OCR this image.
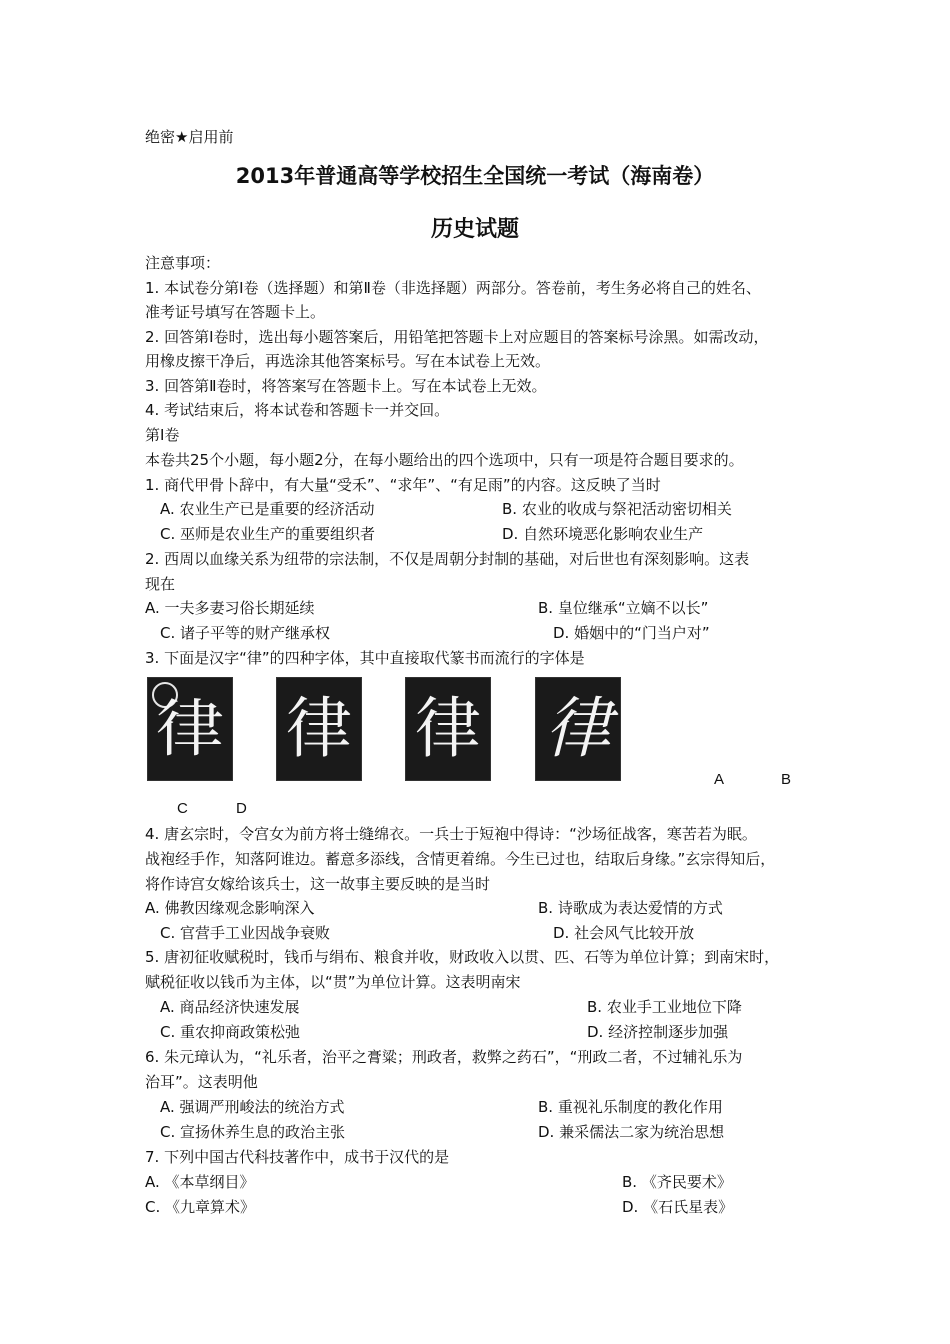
绝密★启用前
2013年普通高等学校招生全国统一考试（海南卷）
历史试题
注意事项：
1. 本试卷分第Ⅰ卷（选择题）和第Ⅱ卷（非选择题）两部分。答卷前，考生务必将自己的姓名、
准考证号填写在答题卡上。
2. 回答第Ⅰ卷时，选出每小题答案后，用铅笔把答题卡上对应题目的答案标号涂黑。如需改动，
用橡皮擦干净后，再选涂其他答案标号。写在本试卷上无效。
3. 回答第Ⅱ卷时，将答案写在答题卡上。写在本试卷上无效。
4. 考试结束后，将本试卷和答题卡一并交回。
第Ⅰ卷
本卷共25个小题，每小题2分，在每小题给出的四个选项中，只有一项是符合题目要求的。
1. 商代甲骨卜辞中，有大量“受禾”、“求年”、“有足雨”的内容。这反映了当时
A. 农业生产已是重要的经济活动	B. 农业的收成与祭祀活动密切相关
C. 巫师是农业生产的重要组织者	D. 自然环境恶化影响农业生产
2. 西周以血缘关系为纽带的宗法制，不仅是周朝分封制的基础，对后世也有深刻影响。这表
现在
A. 一夫多妻习俗长期延续	B. 皇位继承“立嫡不以长”
C. 诸子平等的财产继承权	D. 婚姻中的“门当户对”
3. 下面是汉字“律”的四种字体，其中直接取代篆书而流行的字体是
律 律 律 律
A	B
C	D
4. 唐玄宗时，令宫女为前方将士缝绵衣。一兵士于短袍中得诗：“沙场征战客，寒苦若为眠。
战袍经手作，知落阿谁边。蓄意多添线，含情更着绵。今生已过也，结取后身缘。”玄宗得知后，
将作诗宫女嫁给该兵士，这一故事主要反映的是当时
A. 佛教因缘观念影响深入	B. 诗歌成为表达爱情的方式
C. 官营手工业因战争衰败	D. 社会风气比较开放
5. 唐初征收赋税时，钱币与绢布、粮食并收，财政收入以贯、匹、石等为单位计算；到南宋时，
赋税征收以钱币为主体，以“贯”为单位计算。这表明南宋
A. 商品经济快速发展	B. 农业手工业地位下降
C. 重农抑商政策松弛	D. 经济控制逐步加强
6. 朱元璋认为，“礼乐者，治平之膏粱；刑政者，救弊之药石”，“刑政二者，不过辅礼乐为
治耳”。这表明他
A. 强调严刑峻法的统治方式	B. 重视礼乐制度的教化作用
C. 宣扬休养生息的政治主张	D. 兼采儒法二家为统治思想
7. 下列中国古代科技著作中，成书于汉代的是
A. 《本草纲目》	B. 《齐民要术》
C. 《九章算术》	D. 《石氏星表》
